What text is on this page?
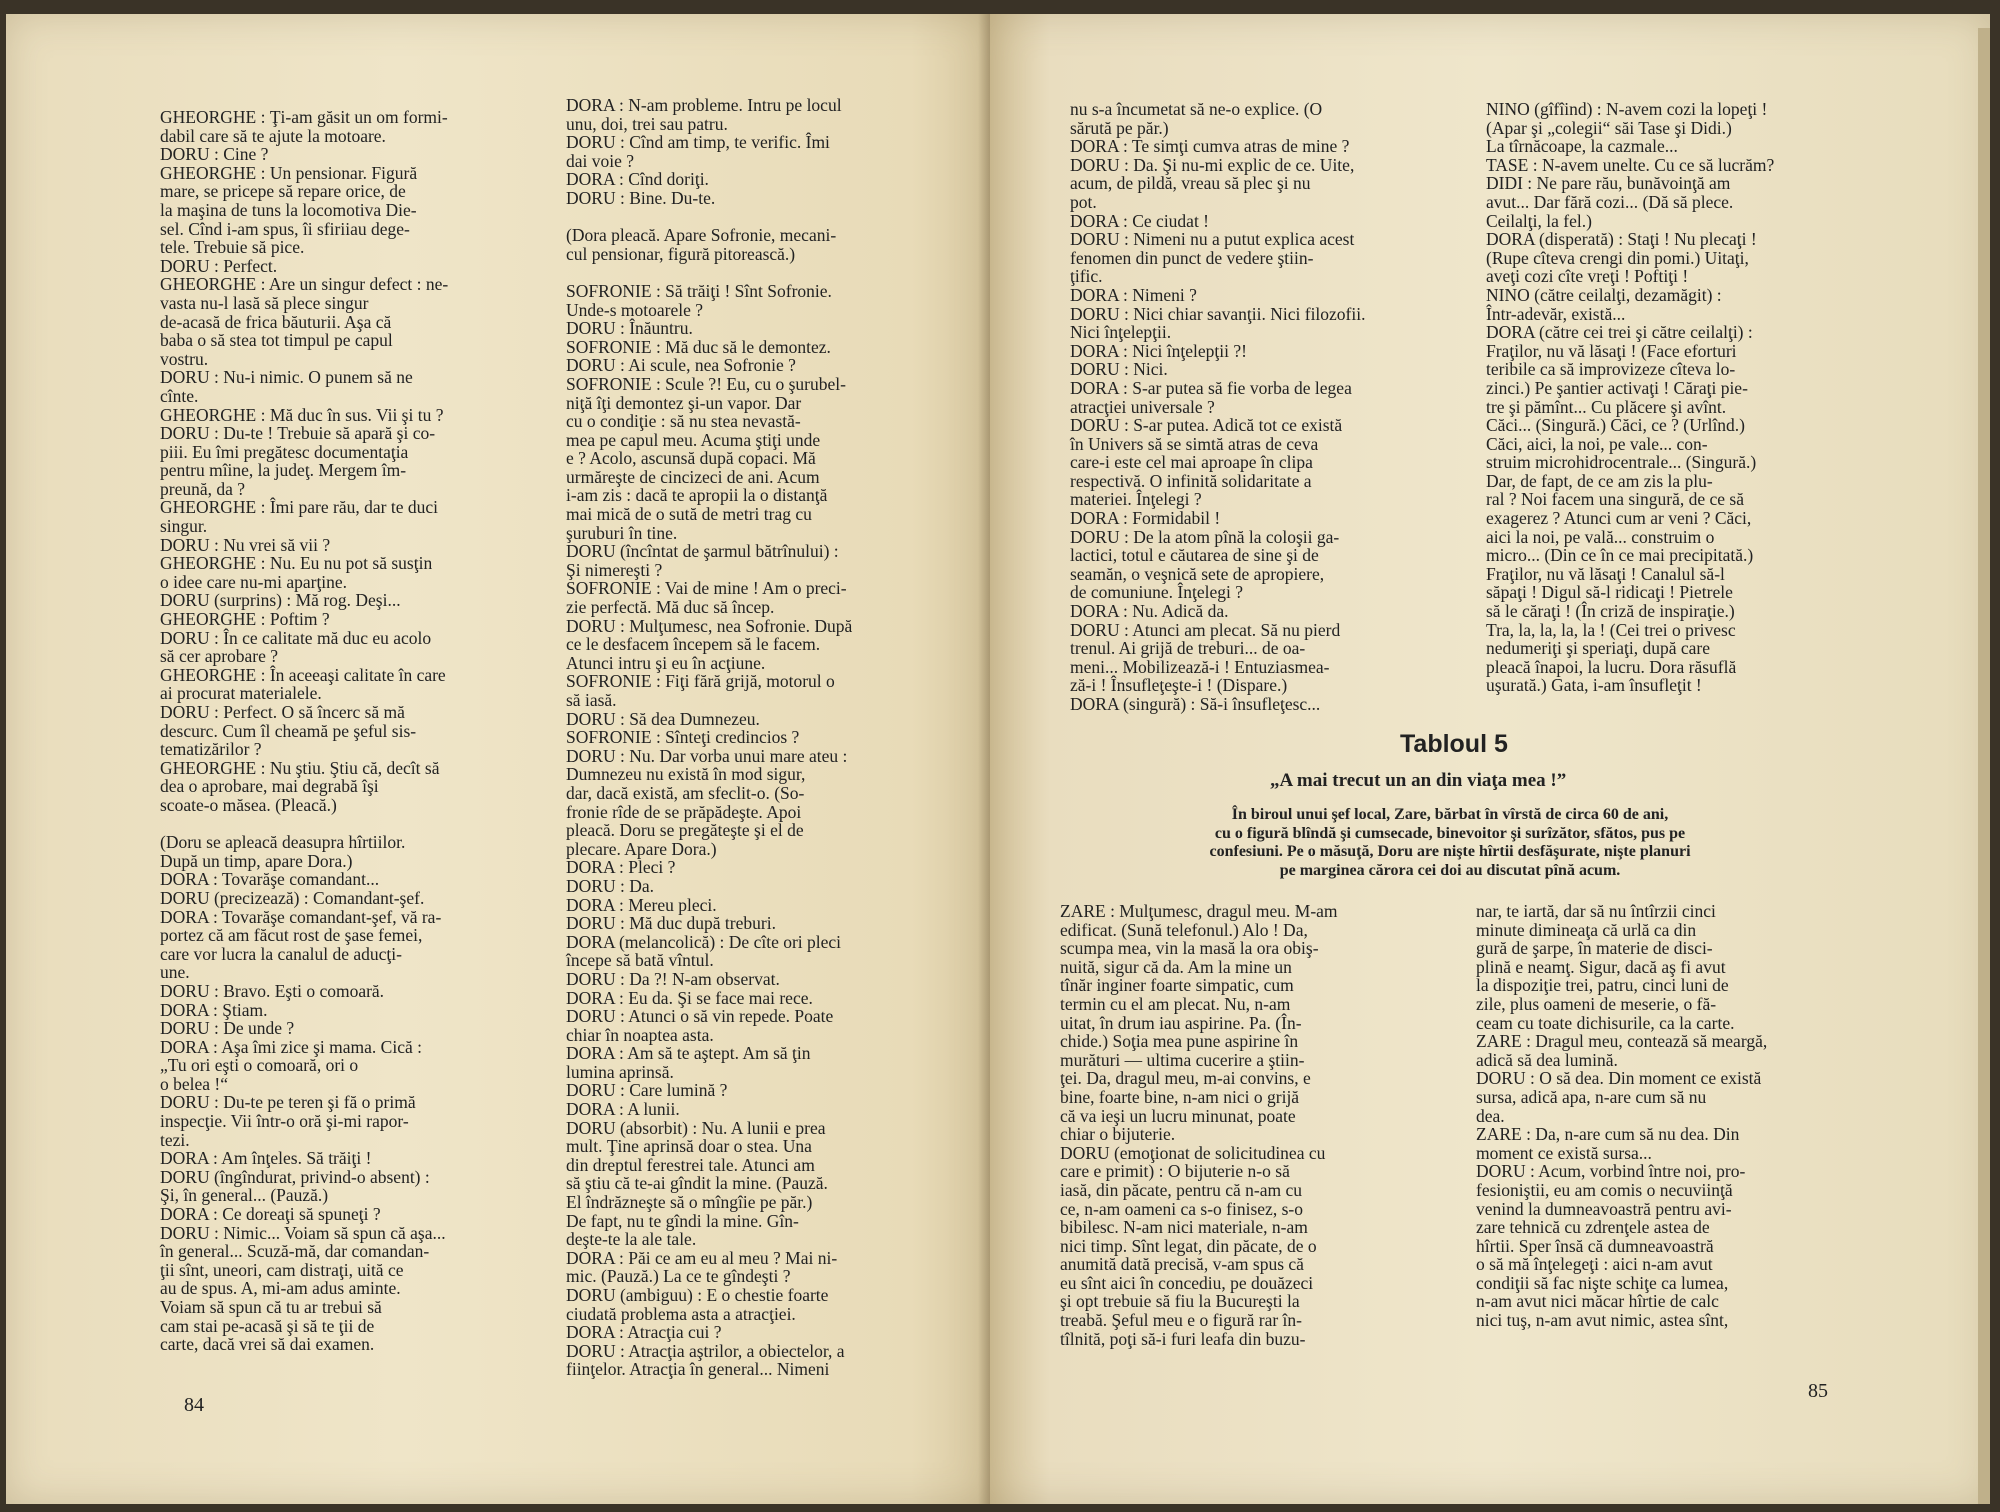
GHEORGHE : Ţi-am găsit un om formi-

dabil care să te ajute la motoare.

DORU : Cine ?

GHEORGHE : Un pensionar. Figură

mare, se pricepe să repare orice, de

la maşina de tuns la locomotiva Die-

sel. Cînd i-am spus, îi sfiriiau dege-

tele. Trebuie să pice.

DORU : Perfect.

GHEORGHE : Are un singur defect : ne-

vasta nu-l lasă să plece singur

de-acasă de frica băuturii. Aşa că

baba o să stea tot timpul pe capul

vostru.

DORU : Nu-i nimic. O punem să ne

cînte.

GHEORGHE : Mă duc în sus. Vii şi tu ?

DORU : Du-te ! Trebuie să apară şi co-

piii. Eu îmi pregătesc documentaţia

pentru mîine, la judeţ. Mergem îm-

preună, da ?

GHEORGHE : Îmi pare rău, dar te duci

singur.

DORU : Nu vrei să vii ?

GHEORGHE : Nu. Eu nu pot să susţin

o idee care nu-mi aparţine.

DORU (surprins) : Mă rog. Deşi...

GHEORGHE : Poftim ?

DORU : În ce calitate mă duc eu acolo

să cer aprobare ?

GHEORGHE : În aceeaşi calitate în care

ai procurat materialele.

DORU : Perfect. O să încerc să mă

descurc. Cum îl cheamă pe şeful sis-

tematizărilor ?

GHEORGHE : Nu ştiu. Ştiu că, decît să

dea o aprobare, mai degrabă îşi

scoate-o măsea. (Pleacă.)

(Doru se apleacă deasupra hîrtiilor.

După un timp, apare Dora.)

DORA : Tovarăşe comandant...

DORU (precizează) : Comandant-şef.

DORA : Tovarăşe comandant-şef, vă ra-

portez că am făcut rost de şase femei,

care vor lucra la canalul de aducţi-

une.

DORU : Bravo. Eşti o comoară.

DORA : Ştiam.

DORU : De unde ?

DORA : Aşa îmi zice şi mama. Cică :

„Tu ori eşti o comoară, ori o

o belea !“

DORU : Du-te pe teren şi fă o primă

inspecţie. Vii într-o oră şi-mi rapor-

tezi.

DORA : Am înţeles. Să trăiţi !

DORU (îngîndurat, privind-o absent) :

Şi, în general... (Pauză.)

DORA : Ce doreaţi să spuneţi ?

DORU : Nimic... Voiam să spun că aşa...

în general... Scuză-mă, dar comandan-

ţii sînt, uneori, cam distraţi, uită ce

au de spus. A, mi-am adus aminte.

Voiam să spun că tu ar trebui să

cam stai pe-acasă şi să te ţii de

carte, dacă vrei să dai examen.

DORA : N-am probleme. Intru pe locul

unu, doi, trei sau patru.

DORU : Cînd am timp, te verific. Îmi

dai voie ?

DORA : Cînd doriţi.

DORU : Bine. Du-te.

(Dora pleacă. Apare Sofronie, mecani-

cul pensionar, figură pitorească.)

SOFRONIE : Să trăiţi ! Sînt Sofronie.

Unde-s motoarele ?

DORU : Înăuntru.

SOFRONIE : Mă duc să le demontez.

DORU : Ai scule, nea Sofronie ?

SOFRONIE : Scule ?! Eu, cu o şurubel-

niţă îţi demontez şi-un vapor. Dar

cu o condiţie : să nu stea nevastă-

mea pe capul meu. Acuma ştiţi unde

e ? Acolo, ascunsă după copaci. Mă

urmăreşte de cincizeci de ani. Acum

i-am zis : dacă te apropii la o distanţă

mai mică de o sută de metri trag cu

şuruburi în tine.

DORU (încîntat de şarmul bătrînului) :

Şi nimereşti ?

SOFRONIE : Vai de mine ! Am o preci-

zie perfectă. Mă duc să încep.

DORU : Mulţumesc, nea Sofronie. După

ce le desfacem începem să le facem.

Atunci intru şi eu în acţiune.

SOFRONIE : Fiţi fără grijă, motorul o

să iasă.

DORU : Să dea Dumnezeu.

SOFRONIE : Sînteţi credincios ?

DORU : Nu. Dar vorba unui mare ateu :

Dumnezeu nu există în mod sigur,

dar, dacă există, am sfeclit-o. (So-

fronie rîde de se prăpădeşte. Apoi

pleacă. Doru se pregăteşte şi el de

plecare. Apare Dora.)

DORA : Pleci ?

DORU : Da.

DORA : Mereu pleci.

DORU : Mă duc după treburi.

DORA (melancolică) : De cîte ori pleci

începe să bată vîntul.

DORU : Da ?! N-am observat.

DORA : Eu da. Şi se face mai rece.

DORU : Atunci o să vin repede. Poate

chiar în noaptea asta.

DORA : Am să te aştept. Am să ţin

lumina aprinsă.

DORU : Care lumină ?

DORA : A lunii.

DORU (absorbit) : Nu. A lunii e prea

mult. Ţine aprinsă doar o stea. Una

din dreptul ferestrei tale. Atunci am

să ştiu că te-ai gîndit la mine. (Pauză.

El îndrăzneşte să o mîngîie pe păr.)

De fapt, nu te gîndi la mine. Gîn-

deşte-te la ale tale.

DORA : Păi ce am eu al meu ? Mai ni-

mic. (Pauză.) La ce te gîndeşti ?

DORU (ambiguu) : E o chestie foarte

ciudată problema asta a atracţiei.

DORA : Atracţia cui ?

DORU : Atracţia aştrilor, a obiectelor, a

fiinţelor. Atracţia în general... Nimeni

84

nu s-a încumetat să ne-o explice. (O

sărută pe păr.)

DORA : Te simţi cumva atras de mine ?

DORU : Da. Şi nu-mi explic de ce. Uite,

acum, de pildă, vreau să plec şi nu

pot.

DORA : Ce ciudat !

DORU : Nimeni nu a putut explica acest

fenomen din punct de vedere ştiin-

ţific.

DORA : Nimeni ?

DORU : Nici chiar savanţii. Nici filozofii.

Nici înţelepţii.

DORA : Nici înţelepţii ?!

DORU : Nici.

DORA : S-ar putea să fie vorba de legea

atracţiei universale ?

DORU : S-ar putea. Adică tot ce există

în Univers să se simtă atras de ceva

care-i este cel mai aproape în clipa

respectivă. O infinită solidaritate a

materiei. Înţelegi ?

DORA : Formidabil !

DORU : De la atom pînă la coloşii ga-

lactici, totul e căutarea de sine şi de

seamăn, o veşnică sete de apropiere,

de comuniune. Înţelegi ?

DORA : Nu. Adică da.

DORU : Atunci am plecat. Să nu pierd

trenul. Ai grijă de treburi... de oa-

meni... Mobilizează-i ! Entuziasmea-

ză-i ! Însufleţeşte-i ! (Dispare.)

DORA (singură) : Să-i însufleţesc...

NINO (gîfîind) : N-avem cozi la lopeţi !

(Apar şi „colegii“ săi Tase şi Didi.)

La tîrnăcoape, la cazmale...

TASE : N-avem unelte. Cu ce să lucrăm?

DIDI : Ne pare rău, bunăvoinţă am

avut... Dar fără cozi... (Dă să plece.

Ceilalţi, la fel.)

DORA (disperată) : Staţi ! Nu plecaţi !

(Rupe cîteva crengi din pomi.) Uitaţi,

aveţi cozi cîte vreţi ! Poftiţi !

NINO (către ceilalţi, dezamăgit) :

Într-adevăr, există...

DORA (către cei trei şi către ceilalţi) :

Fraţilor, nu vă lăsaţi ! (Face eforturi

teribile ca să improvizeze cîteva lo-

zinci.) Pe şantier activaţi ! Căraţi pie-

tre şi pămînt... Cu plăcere şi avînt.

Căci... (Singură.) Căci, ce ? (Urlînd.)

Căci, aici, la noi, pe vale... con-

struim microhidrocentrale... (Singură.)

Dar, de fapt, de ce am zis la plu-

ral ? Noi facem una singură, de ce să

exagerez ? Atunci cum ar veni ? Căci,

aici la noi, pe vală... construim o

micro... (Din ce în ce mai precipitată.)

Fraţilor, nu vă lăsaţi ! Canalul să-l

săpaţi ! Digul să-l ridicaţi ! Pietrele

să le căraţi ! (În criză de inspiraţie.)

Tra, la, la, la, la ! (Cei trei o privesc

nedumeriţi şi speriaţi, după care

pleacă înapoi, la lucru. Dora răsuflă

uşurată.) Gata, i-am însufleţit !

Tabloul 5
„A mai trecut un an din viaţa mea !”

În biroul unui şef local, Zare, bărbat în vîrstă de circa 60 de ani,

cu o figură blîndă şi cumsecade, binevoitor şi surîzător, sfătos, pus pe

confesiuni. Pe o măsuţă, Doru are nişte hîrtii desfăşurate, nişte planuri

pe marginea cărora cei doi au discutat pînă acum.

ZARE : Mulţumesc, dragul meu. M-am

edificat. (Sună telefonul.) Alo ! Da,

scumpa mea, vin la masă la ora obiş-

nuită, sigur că da. Am la mine un

tînăr inginer foarte simpatic, cum

termin cu el am plecat. Nu, n-am

uitat, în drum iau aspirine. Pa. (În-

chide.) Soţia mea pune aspirine în

murături — ultima cucerire a ştiin-

ţei. Da, dragul meu, m-ai convins, e

bine, foarte bine, n-am nici o grijă

că va ieşi un lucru minunat, poate

chiar o bijuterie.

DORU (emoţionat de solicitudinea cu

care e primit) : O bijuterie n-o să

iasă, din păcate, pentru că n-am cu

ce, n-am oameni ca s-o finisez, s-o

bibilesc. N-am nici materiale, n-am

nici timp. Sînt legat, din păcate, de o

anumită dată precisă, v-am spus că

eu sînt aici în concediu, pe douăzeci

şi opt trebuie să fiu la Bucureşti la

treabă. Şeful meu e o figură rar în-

tîlnită, poţi să-i furi leafa din buzu-

nar, te iartă, dar să nu întîrzii cinci

minute dimineaţa că urlă ca din

gură de şarpe, în materie de disci-

plină e neamţ. Sigur, dacă aş fi avut

la dispoziţie trei, patru, cinci luni de

zile, plus oameni de meserie, o fă-

ceam cu toate dichisurile, ca la carte.

ZARE : Dragul meu, contează să meargă,

adică să dea lumină.

DORU : O să dea. Din moment ce există

sursa, adică apa, n-are cum să nu

dea.

ZARE : Da, n-are cum să nu dea. Din

moment ce există sursa...

DORU : Acum, vorbind între noi, pro-

fesioniştii, eu am comis o necuviinţă

venind la dumneavoastră pentru avi-

zare tehnică cu zdrenţele astea de

hîrtii. Sper însă că dumneavoastră

o să mă înţelegeţi : aici n-am avut

condiţii să fac nişte schiţe ca lumea,

n-am avut nici măcar hîrtie de calc

nici tuş, n-am avut nimic, astea sînt,

85
